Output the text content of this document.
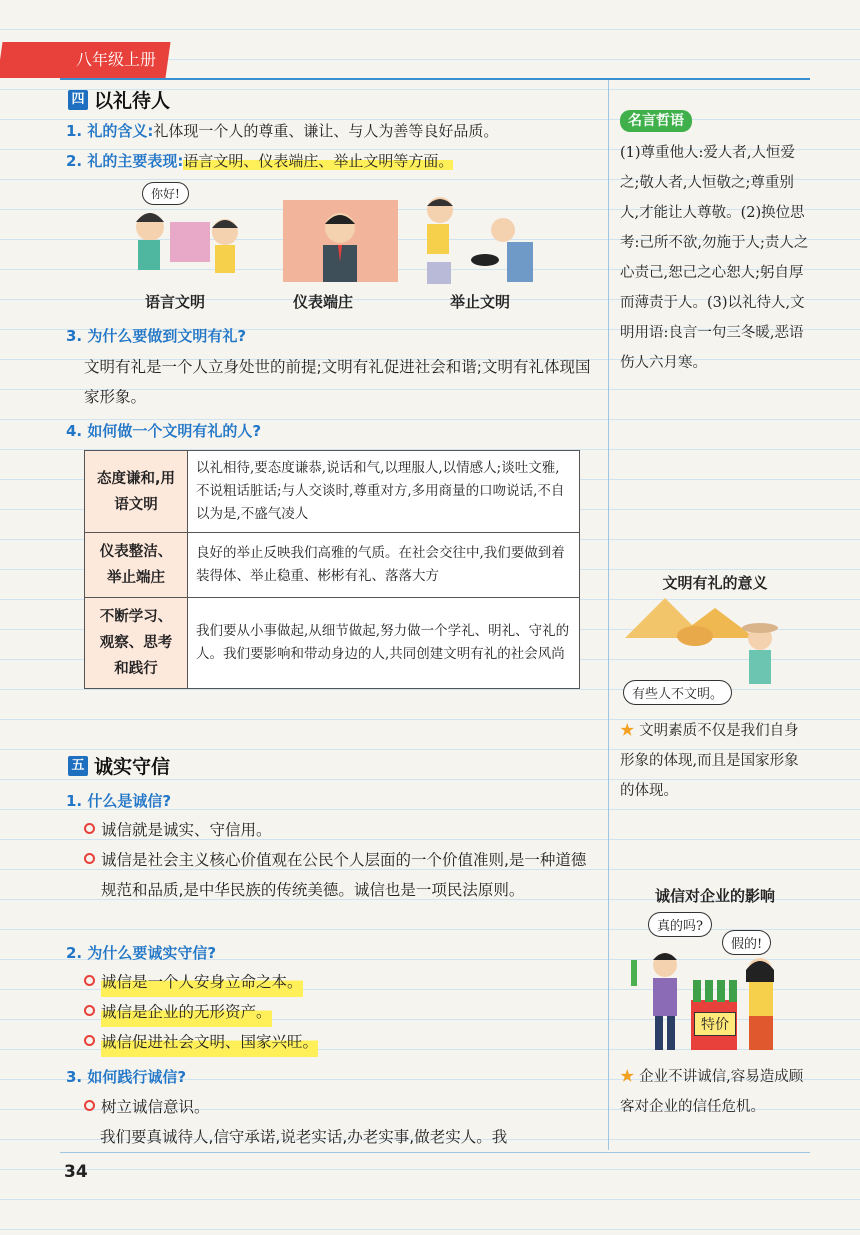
八年级上册
四 以礼待人
1. 礼的含义:礼体现一个人的尊重、谦让、与人为善等良好品质。
2. 礼的主要表现:语言文明、仪表端庄、举止文明等方面。
你好!
语言文明	仪表端庄	举止文明
3. 为什么要做到文明有礼?
文明有礼是一个人立身处世的前提;文明有礼促进社会和谐;文明有礼体现国家形象。
4. 如何做一个文明有礼的人?
态度谦和,用语文明	以礼相待,要态度谦恭,说话和气,以理服人,以情感人;谈吐文雅,不说粗话脏话;与人交谈时,尊重对方,多用商量的口吻说话,不自以为是,不盛气凌人
仪表整洁、举止端庄	良好的举止反映我们高雅的气质。在社会交往中,我们要做到着装得体、举止稳重、彬彬有礼、落落大方
不断学习、观察、思考和践行	我们要从小事做起,从细节做起,努力做一个学礼、明礼、守礼的人。我们要影响和带动身边的人,共同创建文明有礼的社会风尚
五 诚实守信
1. 什么是诚信?
诚信就是诚实、守信用。
诚信是社会主义核心价值观在公民个人层面的一个价值准则,是一种道德规范和品质,是中华民族的传统美德。诚信也是一项民法原则。
2. 为什么要诚实守信?
诚信是一个人安身立命之本。
诚信是企业的无形资产。
诚信促进社会文明、国家兴旺。
3. 如何践行诚信?
树立诚信意识。
我们要真诚待人,信守承诺,说老实话,办老实事,做老实人。我
名言哲语
(1)尊重他人:爱人者,人恒爱之;敬人者,人恒敬之;尊重别人,才能让人尊敬。(2)换位思考:己所不欲,勿施于人;责人之心责己,恕己之心恕人;躬自厚而薄责于人。(3)以礼待人,文明用语:良言一句三冬暖,恶语伤人六月寒。
文明有礼的意义
有些人不文明。
★ 文明素质不仅是我们自身形象的体现,而且是国家形象的体现。
诚信对企业的影响
真的吗?
假的!
特价
★ 企业不讲诚信,容易造成顾客对企业的信任危机。
34
